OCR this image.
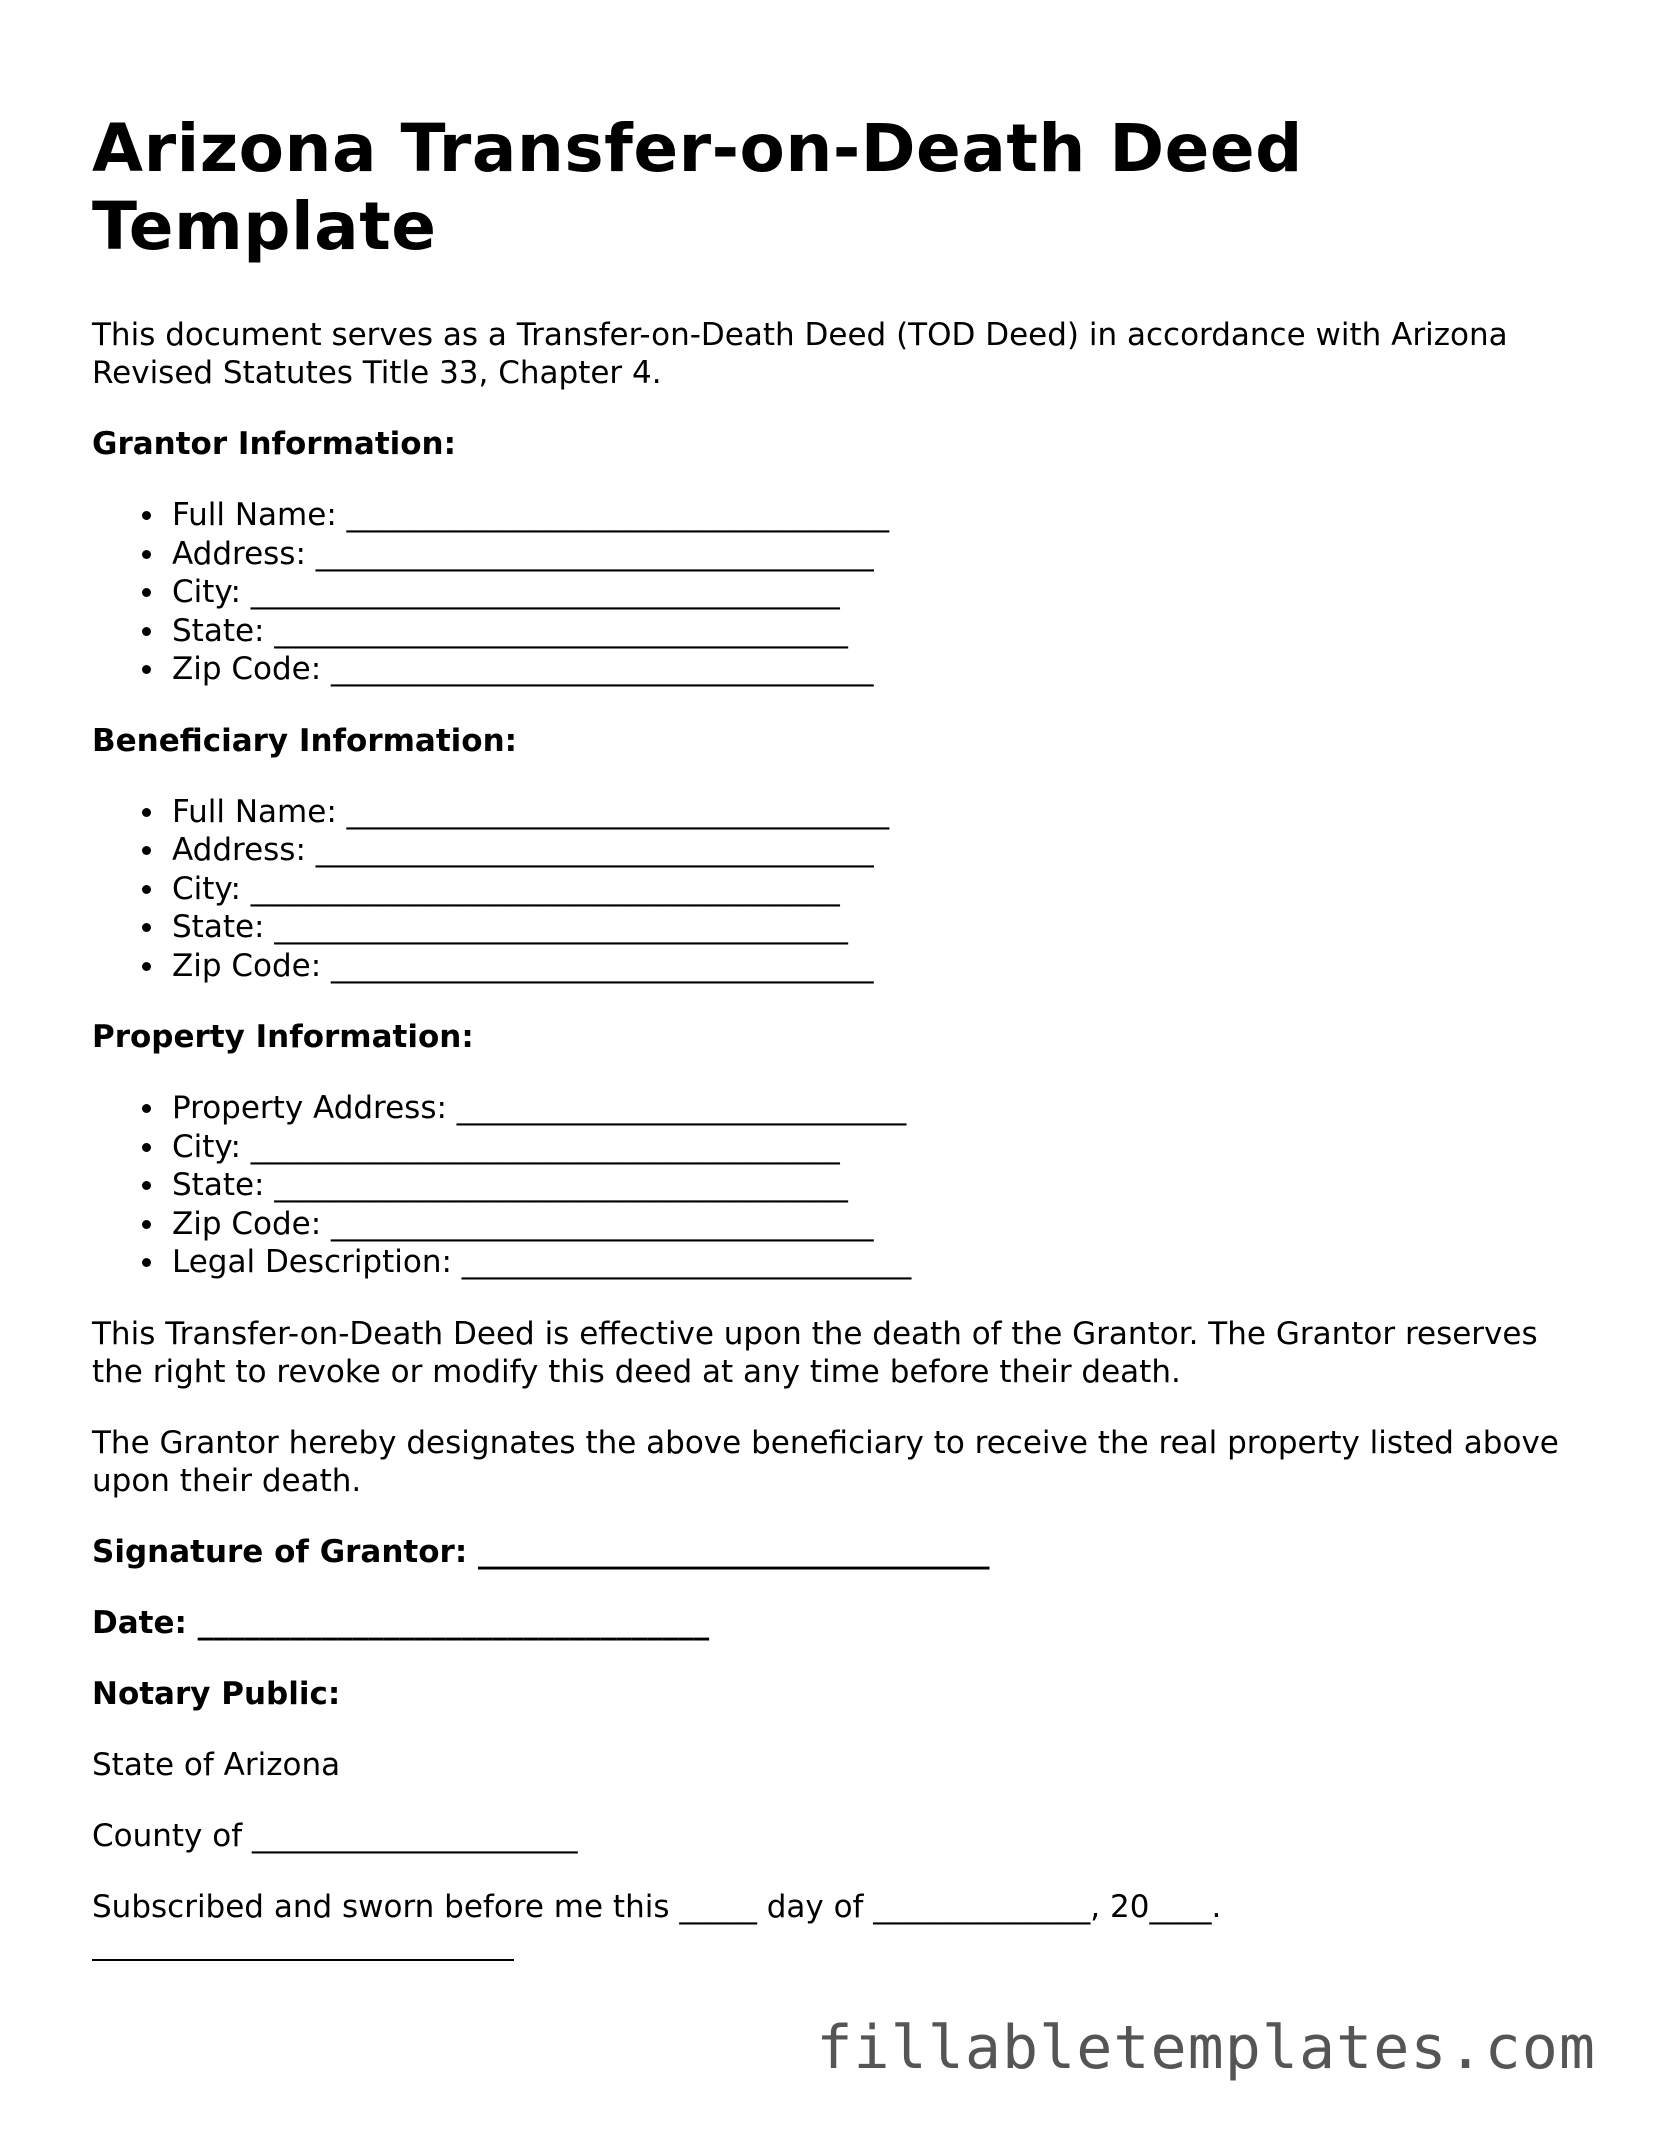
Arizona Transfer-on-Death Deed Template

This document serves as a Transfer-on-Death Deed (TOD Deed) in accordance with Arizona Revised Statutes Title 33, Chapter 4.

Grantor Information:

Full Name: ___________________________________
Address: ____________________________________
City: ______________________________________
State: _____________________________________
Zip Code: ___________________________________

Beneficiary Information:

Full Name: ___________________________________
Address: ____________________________________
City: ______________________________________
State: _____________________________________
Zip Code: ___________________________________

Property Information:

Property Address: _____________________________
City: ______________________________________
State: _____________________________________
Zip Code: ___________________________________
Legal Description: _____________________________

This Transfer-on-Death Deed is effective upon the death of the Grantor. The Grantor reserves the right to revoke or modify this deed at any time before their death.

The Grantor hereby designates the above beneficiary to receive the real property listed above upon their death.

Signature of Grantor: _________________________________

Date: _________________________________

Notary Public:

State of Arizona

County of _____________________

Subscribed and sworn before me this _____ day of ______________, 20____.

fillabletemplates.com
